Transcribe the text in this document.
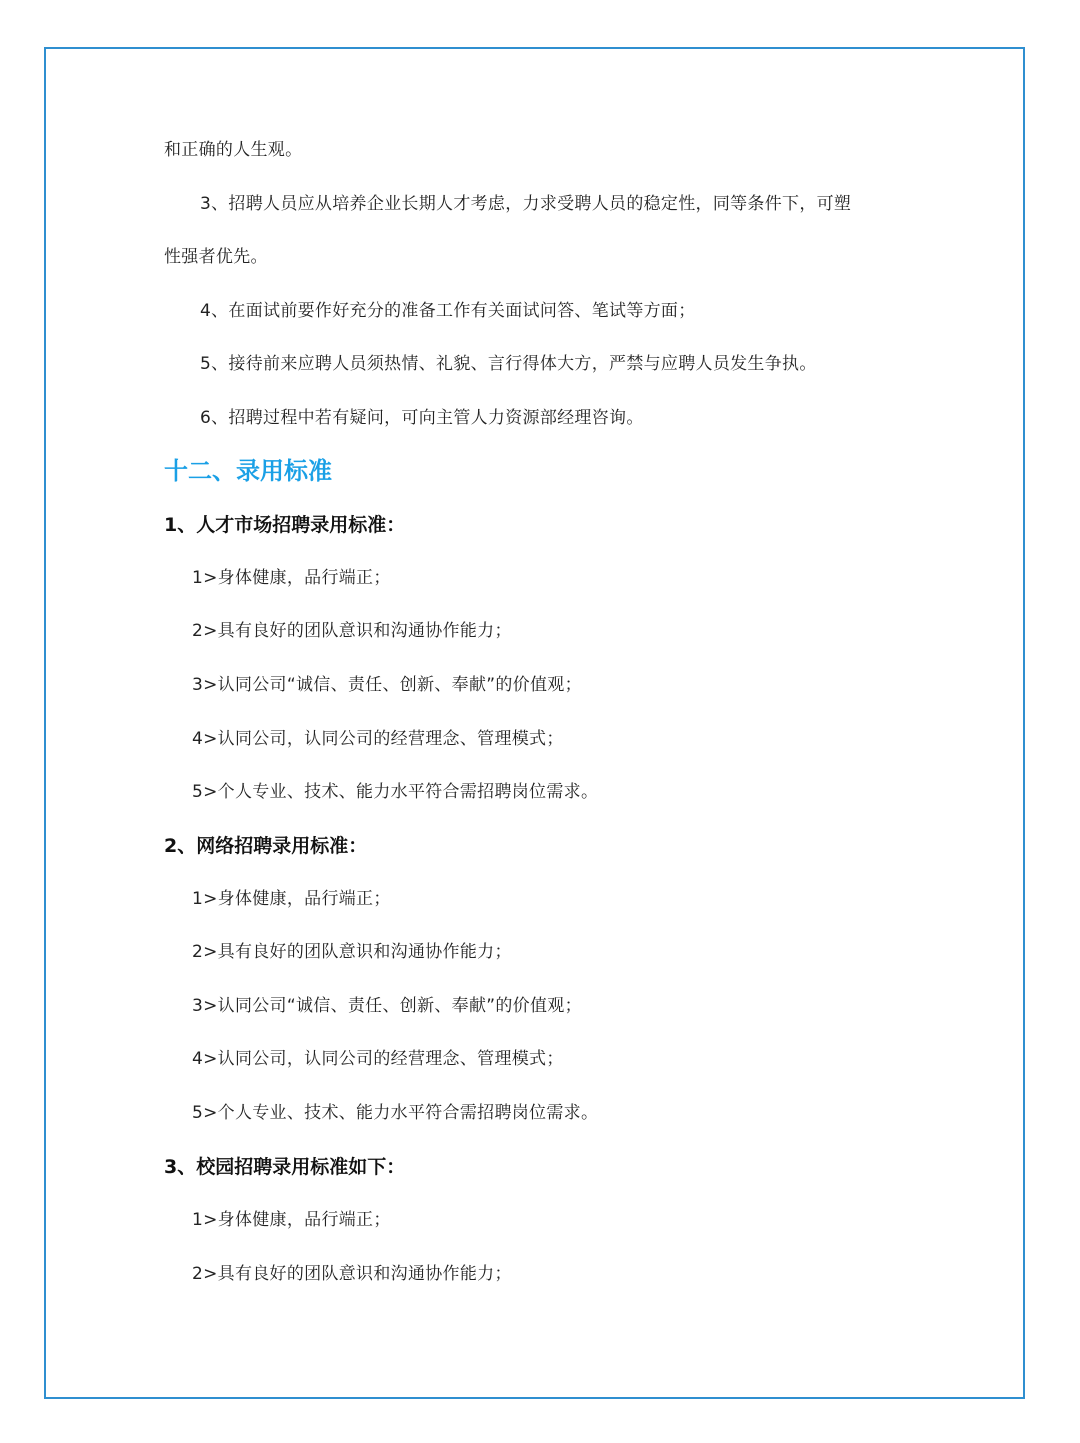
和正确的人生观。
3、招聘人员应从培养企业长期人才考虑，力求受聘人员的稳定性，同等条件下，可塑
性强者优先。
4、在面试前要作好充分的准备工作有关面试问答、笔试等方面；
5、接待前来应聘人员须热情、礼貌、言行得体大方，严禁与应聘人员发生争执。
6、招聘过程中若有疑问，可向主管人力资源部经理咨询。
十二、录用标准
1、人才市场招聘录用标准：
1>身体健康，品行端正；
2>具有良好的团队意识和沟通协作能力；
3>认同公司“诚信、责任、创新、奉献”的价值观；
4>认同公司，认同公司的经营理念、管理模式；
5>个人专业、技术、能力水平符合需招聘岗位需求。
2、网络招聘录用标准：
1>身体健康，品行端正；
2>具有良好的团队意识和沟通协作能力；
3>认同公司“诚信、责任、创新、奉献”的价值观；
4>认同公司，认同公司的经营理念、管理模式；
5>个人专业、技术、能力水平符合需招聘岗位需求。
3、校园招聘录用标准如下：
1>身体健康，品行端正；
2>具有良好的团队意识和沟通协作能力；
